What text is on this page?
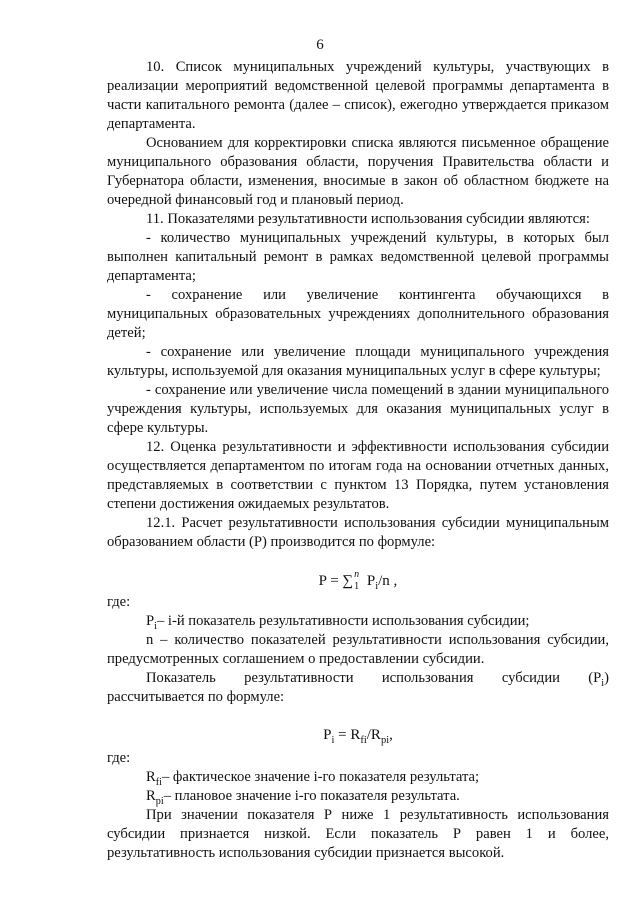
6

10. Список муниципальных учреждений культуры, участвующих в реализации мероприятий ведомственной целевой программы департамента в части капитального ремонта (далее – список), ежегодно утверждается приказом департамента.

Основанием для корректировки списка являются письменное обращение муниципального образования области, поручения Правительства области и Губернатора области, изменения, вносимые в закон об областном бюджете на очередной финансовый год и плановый период.

11. Показателями результативности использования субсидии являются:

- количество муниципальных учреждений культуры, в которых был выполнен капитальный ремонт в рамках ведомственной целевой программы департамента;

- сохранение или увеличение контингента обучающихся в муниципальных образовательных учреждениях дополнительного образования детей;

- сохранение или увеличение площади муниципального учреждения культуры, используемой для оказания муниципальных услуг в сфере культуры;

- сохранение или увеличение числа помещений в здании муниципального учреждения культуры, используемых для оказания муниципальных услуг в сфере культуры.

12. Оценка результативности и эффективности использования субсидии осуществляется департаментом по итогам года на основании отчетных данных, представляемых в соответствии с пунктом 13 Порядка, путем установления степени достижения ожидаемых результатов.

12.1. Расчет результативности использования субсидии муниципальным образованием области (Р) производится по формуле:

P = ∑ n
1 $P_i/n$ ,

где:

$P_i-$ i-й показатель результативности использования субсидии;

n – количество показателей результативности использования субсидии, предусмотренных соглашением о предоставлении субсидии.

Показатель результативности использования субсидии $(P_i)$ рассчитывается по формуле:

$P_i = R_{fi}/R_{pi}$,

где:

$R_{fi}-$ фактическое значение i-го показателя результата;

$R_{pi}-$ плановое значение i-го показателя результата.

При значении показателя Р ниже 1 результативность использования субсидии признается низкой. Если показатель Р равен 1 и более, результативность использования субсидии признается высокой.
